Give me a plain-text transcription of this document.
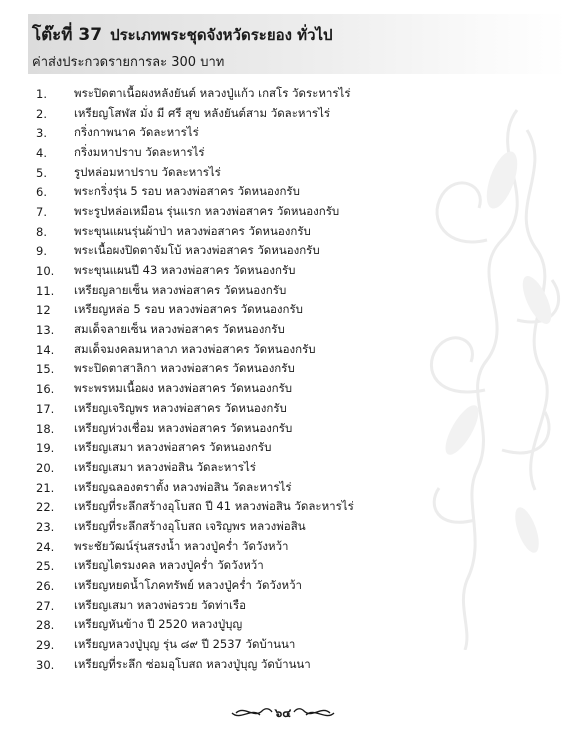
โต๊ะที่ 37 ประเภทพระชุดจังหวัดระยอง ทั่วไป
ค่าส่งประกวดรายการละ 300 บาท
1.	พระปิดตาเนื้อผงหลังยันต์ หลวงปู่แก้ว เกสโร วัดระหารไร่
2.	เหรียญโสฬส มั่ง มี ศรี สุข หลังยันต์สาม วัดละหารไร่
3.	กริ่งกาพนาค วัดละหารไร่
4.	กริ่งมหาปราบ วัดละหารไร่
5.	รูปหล่อมหาปราบ วัดละหารไร่
6.	พระกริ่งรุ่น 5 รอบ หลวงพ่อสาคร วัดหนองกรับ
7.	พระรูปหล่อเหมือน รุ่นแรก หลวงพ่อสาคร วัดหนองกรับ
8.	พระขุนแผนรุ่นผ้าป่า หลวงพ่อสาคร วัดหนองกรับ
9.	พระเนื้อผงปิดตาจัมโบ้ หลวงพ่อสาคร วัดหนองกรับ
10.	พระขุนแผนปี 43 หลวงพ่อสาคร วัดหนองกรับ
11.	เหรียญลายเซ็น หลวงพ่อสาคร วัดหนองกรับ
12	เหรียญหล่อ 5 รอบ หลวงพ่อสาคร วัดหนองกรับ
13.	สมเด็จลายเซ็น หลวงพ่อสาคร วัดหนองกรับ
14.	สมเด็จมงคลมหาลาภ หลวงพ่อสาคร วัดหนองกรับ
15.	พระปิดตาสาลิกา หลวงพ่อสาคร วัดหนองกรับ
16.	พระพรหมเนื้อผง หลวงพ่อสาคร วัดหนองกรับ
17.	เหรียญเจริญพร หลวงพ่อสาคร วัดหนองกรับ
18.	เหรียญห่วงเชื่อม หลวงพ่อสาคร วัดหนองกรับ
19.	เหรียญเสมา หลวงพ่อสาคร วัดหนองกรับ
20.	เหรียญเสมา หลวงพ่อสิน วัดละหารไร่
21.	เหรียญฉลองตราตั้ง หลวงพ่อสิน วัดละหารไร่
22.	เหรียญที่ระลึกสร้างอุโบสถ ปี 41 หลวงพ่อสิน วัดละหารไร่
23.	เหรียญที่ระลึกสร้างอุโบสถ เจริญพร หลวงพ่อสิน
24.	พระชัยวัฒน์รุ่นสรงน้ำ หลวงปู่ครํ่า วัดวังหว้า
25.	เหรียญไตรมงคล หลวงปู่ครํ่า วัดวังหว้า
26.	เหรียญหยดน้ำโภคทรัพย์ หลวงปู่ครํ่า วัดวังหว้า
27.	เหรียญเสมา หลวงพ่อรวย วัดท่าเรือ
28.	เหรียญหันข้าง ปี 2520 หลวงปู่บุญ
29.	เหรียญหลวงปู่บุญ รุ่น ๘๙ ปี 2537 วัดบ้านนา
30.	เหรียญที่ระลึก ซ่อมอุโบสถ หลวงปู่บุญ วัดบ้านนา
๖๔
